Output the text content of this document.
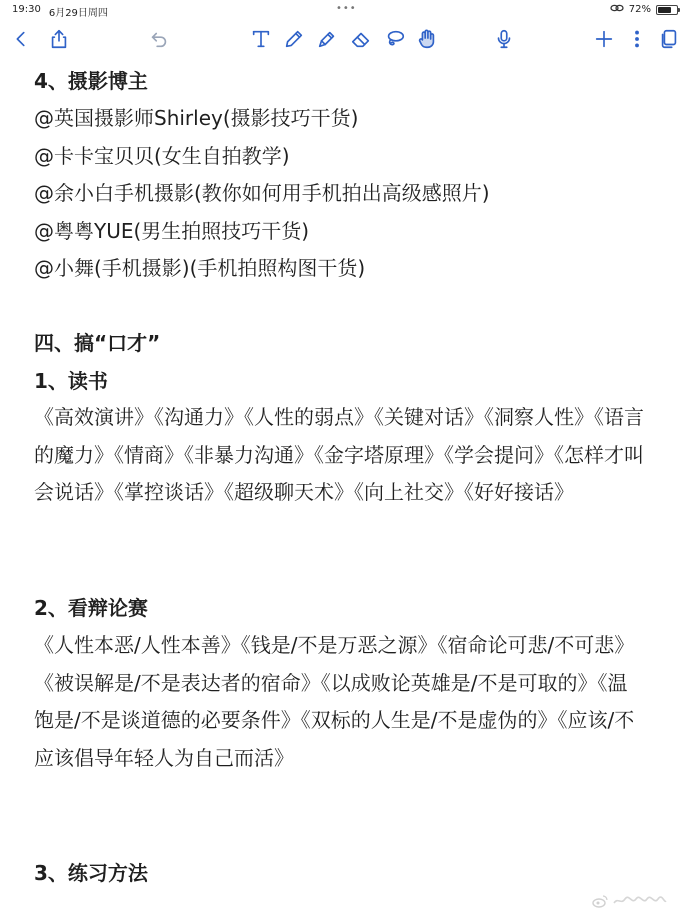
19:30 6月29日周四	•••	72%
4、摄影博主
@英国摄影师Shirley(摄影技巧干货)
@卡卡宝贝贝(女生自拍教学)
@余小白手机摄影(教你如何用手机拍出高级感照片)
@粤粤YUE(男生拍照技巧干货)
@小舞(手机摄影)(手机拍照构图干货)
四、搞“口才”
1、读书
《高效演讲》《沟通力》《人性的弱点》《关键对话》《洞察人性》《语言的魔力》《情商》《非暴力沟通》《金字塔原理》《学会提问》《怎样才叫会说话》《掌控谈话》《超级聊天术》《向上社交》《好好接话》
2、看辩论赛
《人性本恶/人性本善》《钱是/不是万恶之源》《宿命论可悲/不可悲》《被误解是/不是表达者的宿命》《以成败论英雄是/不是可取的》《温饱是/不是谈道德的必要条件》《双标的人生是/不是虚伪的》《应该/不应该倡导年轻人为自己而活》
3、练习方法
